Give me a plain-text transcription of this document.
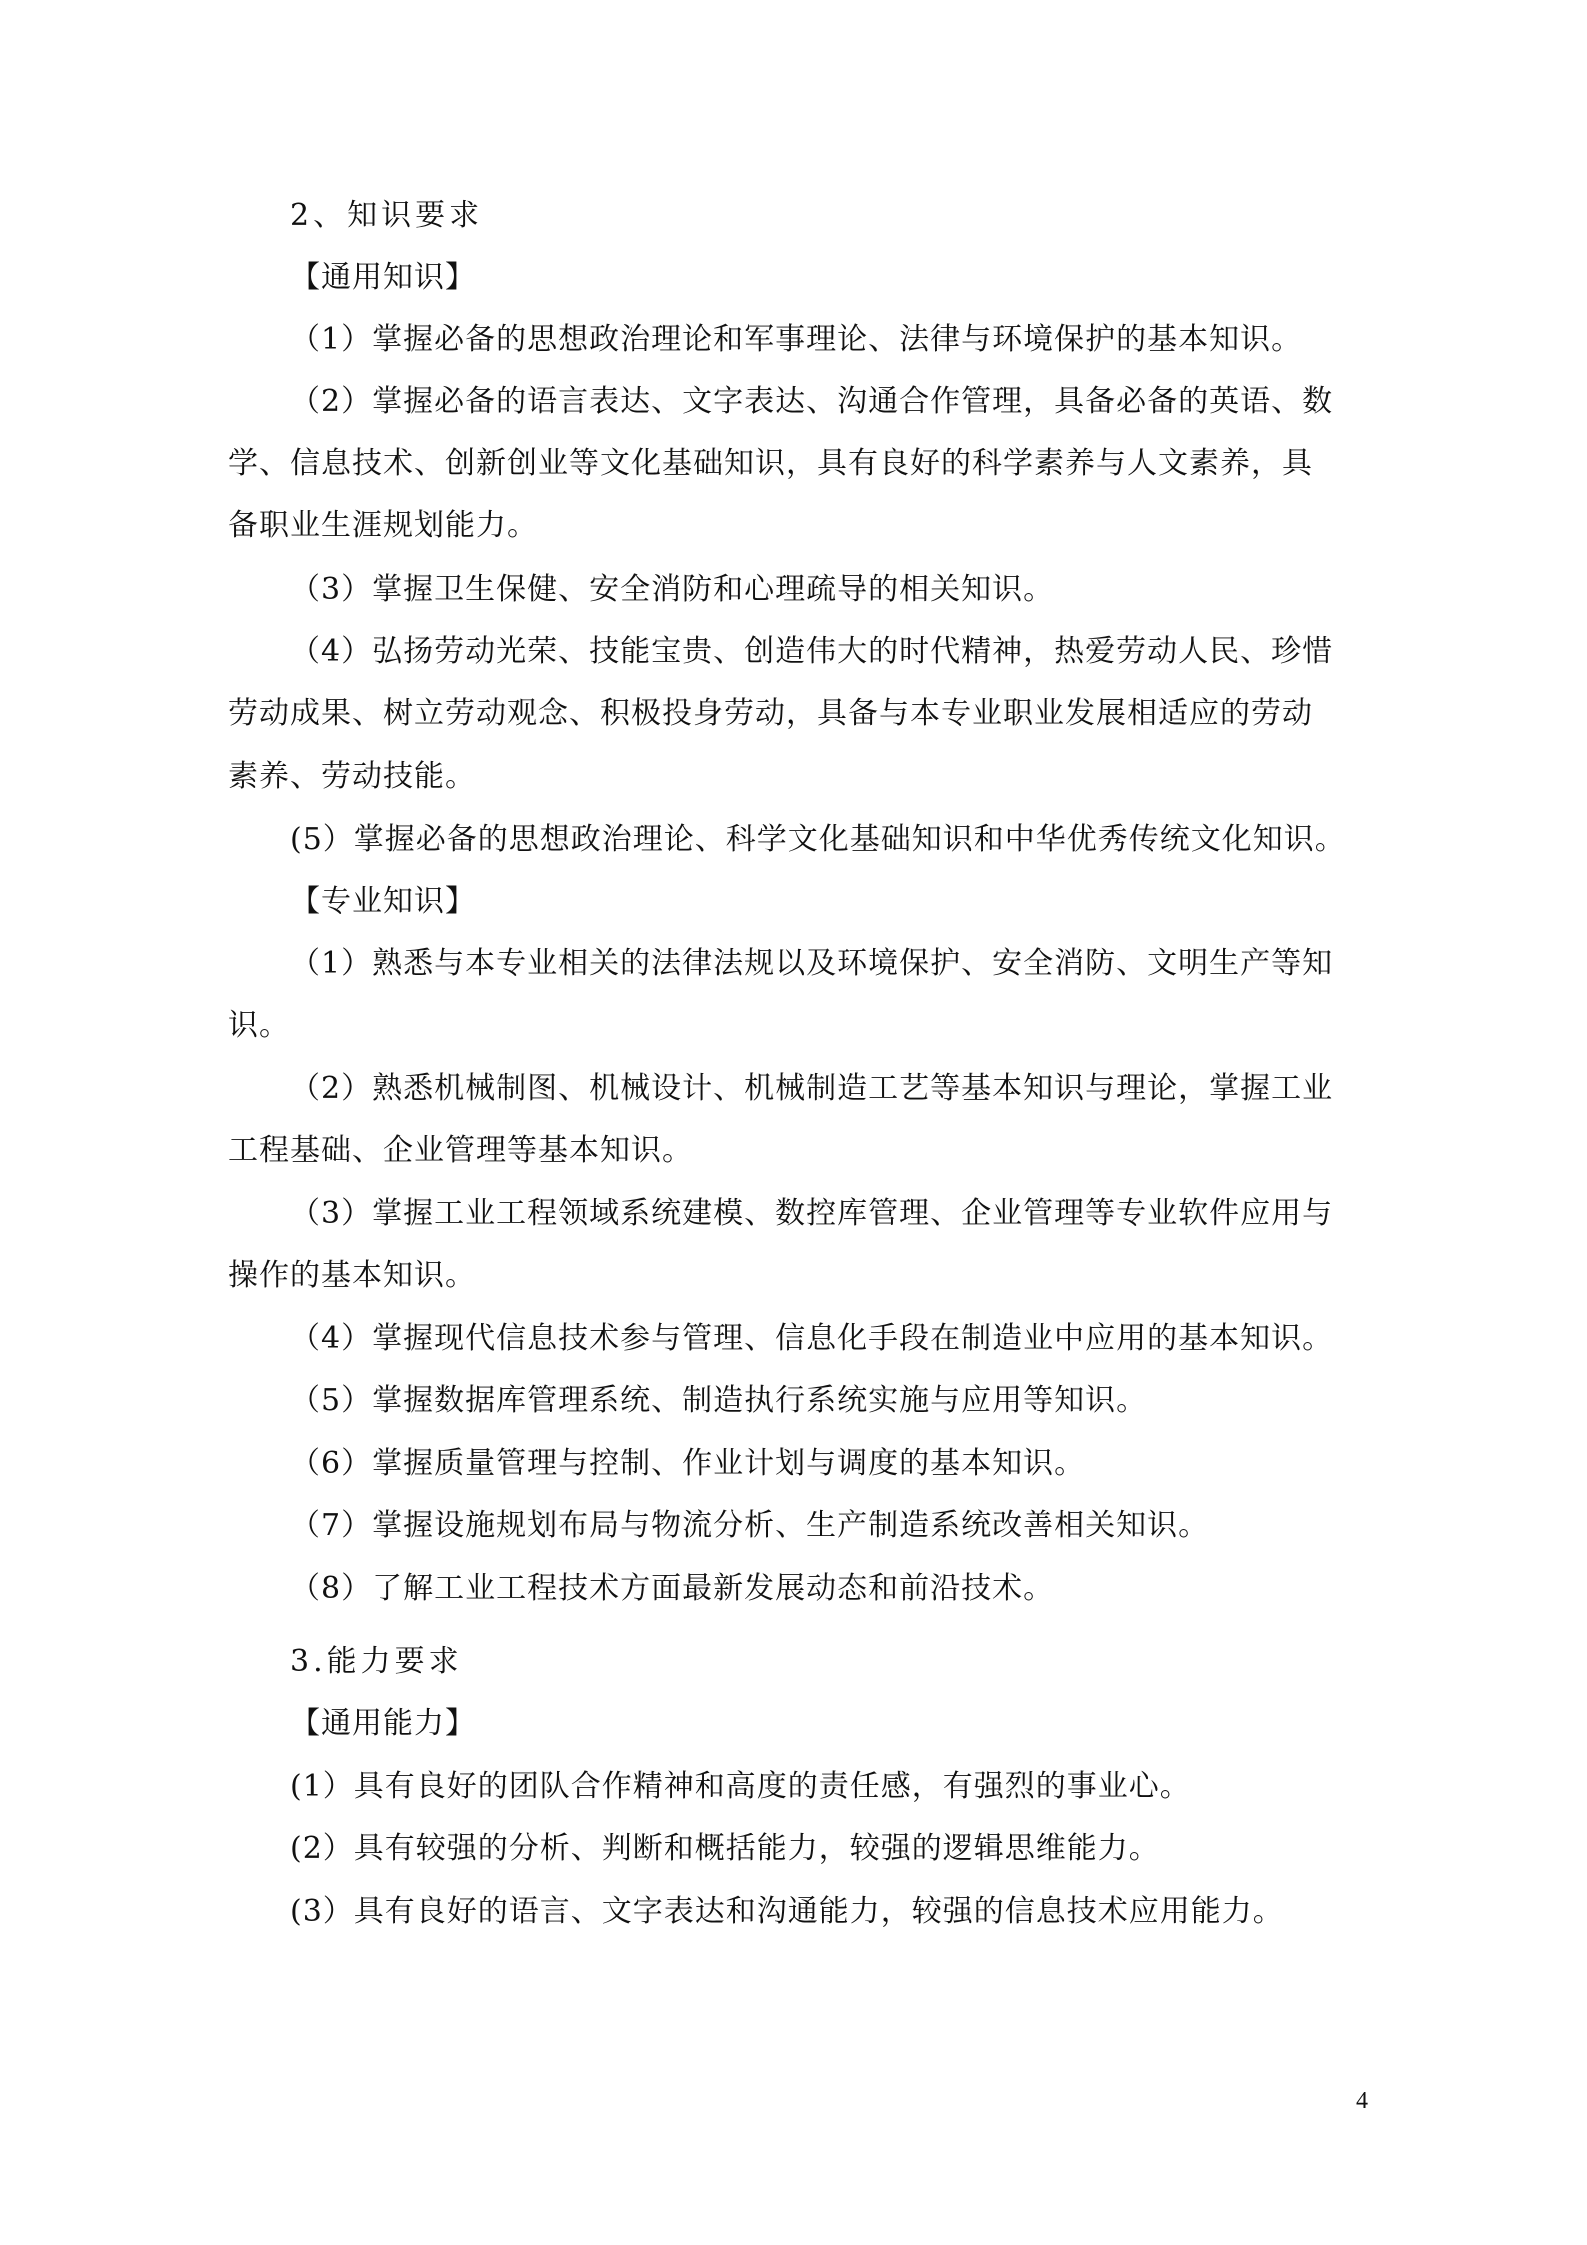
2、知识要求
【通用知识】
（1）掌握必备的思想政治理论和军事理论、法律与环境保护的基本知识。
（2）掌握必备的语言表达、文字表达、沟通合作管理，具备必备的英语、数
学、信息技术、创新创业等文化基础知识，具有良好的科学素养与人文素养，具
备职业生涯规划能力。
（3）掌握卫生保健、安全消防和心理疏导的相关知识。
（4）弘扬劳动光荣、技能宝贵、创造伟大的时代精神，热爱劳动人民、珍惜
劳动成果、树立劳动观念、积极投身劳动，具备与本专业职业发展相适应的劳动
素养、劳动技能。
(5）掌握必备的思想政治理论、科学文化基础知识和中华优秀传统文化知识。
【专业知识】
（1）熟悉与本专业相关的法律法规以及环境保护、安全消防、文明生产等知
识。
（2）熟悉机械制图、机械设计、机械制造工艺等基本知识与理论，掌握工业
工程基础、企业管理等基本知识。
（3）掌握工业工程领域系统建模、数控库管理、企业管理等专业软件应用与
操作的基本知识。
（4）掌握现代信息技术参与管理、信息化手段在制造业中应用的基本知识。
（5）掌握数据库管理系统、制造执行系统实施与应用等知识。
（6）掌握质量管理与控制、作业计划与调度的基本知识。
（7）掌握设施规划布局与物流分析、生产制造系统改善相关知识。
（8）了解工业工程技术方面最新发展动态和前沿技术。
3.能力要求
【通用能力】
(1）具有良好的团队合作精神和高度的责任感，有强烈的事业心。
(2）具有较强的分析、判断和概括能力，较强的逻辑思维能力。
(3）具有良好的语言、文字表达和沟通能力，较强的信息技术应用能力。
4
